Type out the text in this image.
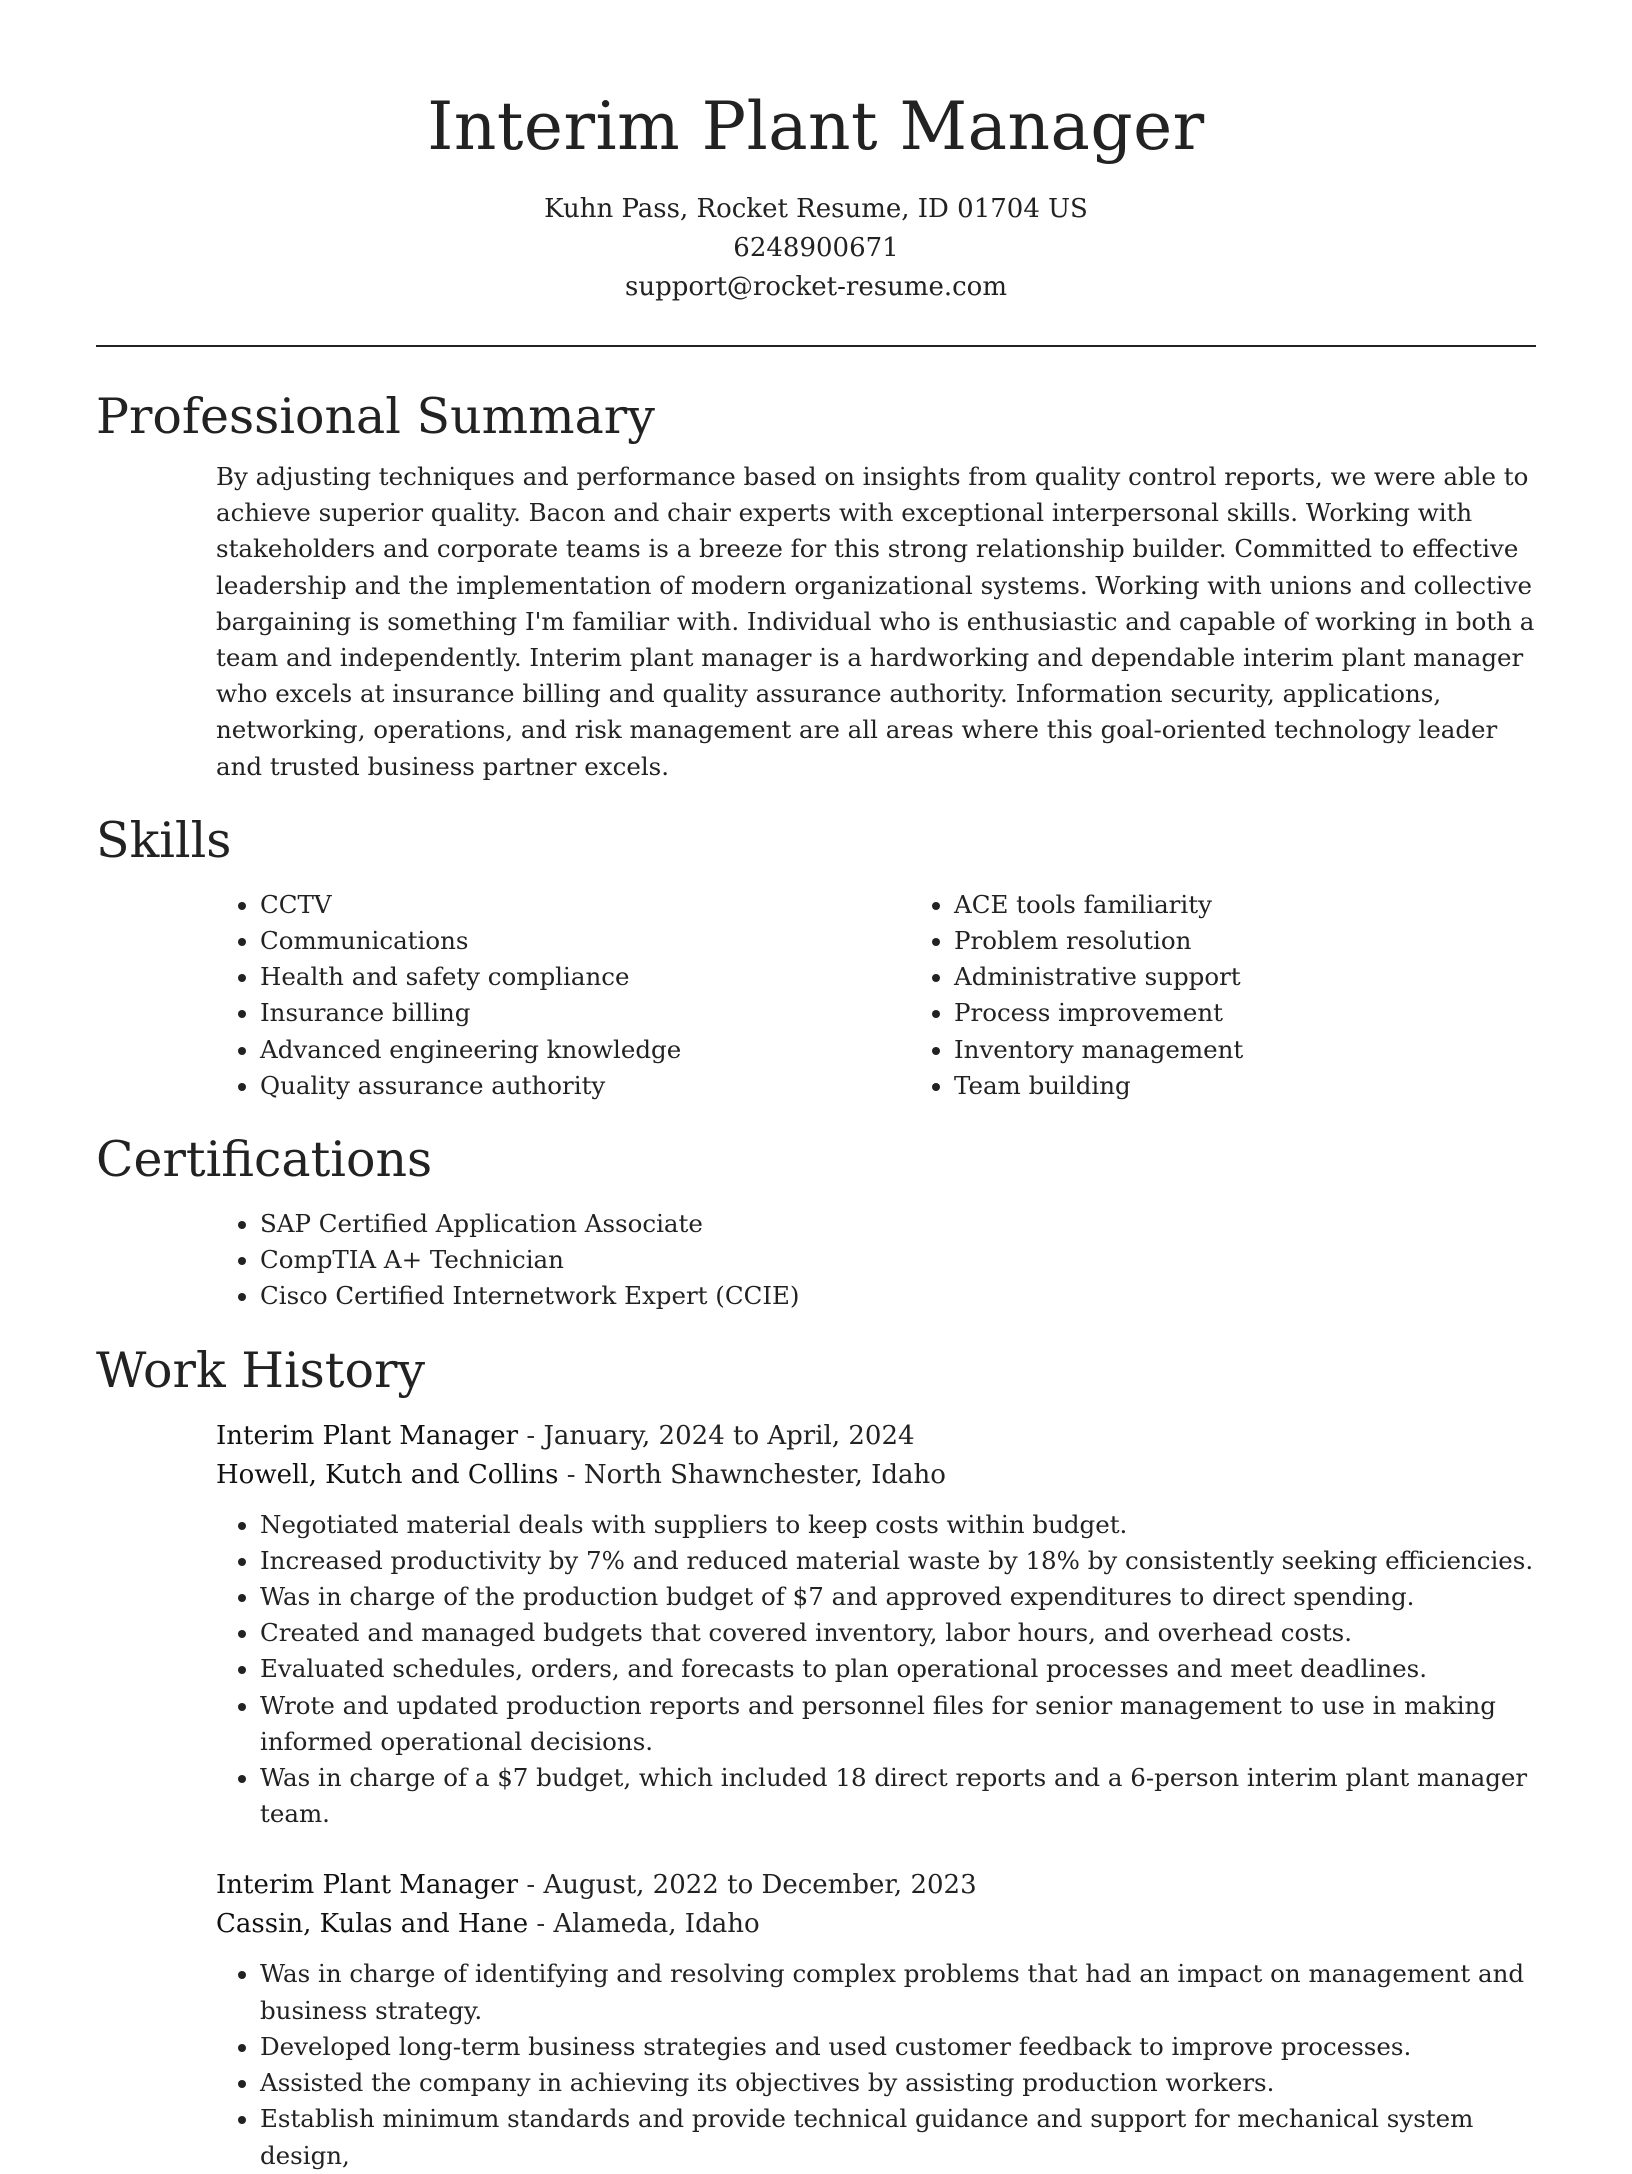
Interim Plant Manager
Kuhn Pass, Rocket Resume, ID 01704 US
6248900671
support@rocket-resume.com
Professional Summary

By adjusting techniques and performance based on insights from quality control reports, we were able to achieve superior quality. Bacon and chair experts with exceptional interpersonal skills. Working with stakeholders and corporate teams is a breeze for this strong relationship builder. Committed to effective leadership and the implementation of modern organizational systems. Working with unions and collective bargaining is something I'm familiar with. Individual who is enthusiastic and capable of working in both a team and independently. Interim plant manager is a hardworking and dependable interim plant manager who excels at insurance billing and quality assurance authority. Information security, applications, networking, operations, and risk management are all areas where this goal-oriented technology leader and trusted business partner excels.

Skills
• CCTV
• Communications
• Health and safety compliance
• Insurance billing
• Advanced engineering knowledge
• Quality assurance authority
• ACE tools familiarity
• Problem resolution
• Administrative support
• Process improvement
• Inventory management
• Team building
Certifications
• SAP Certified Application Associate
• CompTIA A+ Technician
• Cisco Certified Internetwork Expert (CCIE)
Work History
Interim Plant Manager - January, 2024 to April, 2024
Howell, Kutch and Collins - North Shawnchester, Idaho
• Negotiated material deals with suppliers to keep costs within budget.
• Increased productivity by 7% and reduced material waste by 18% by consistently seeking efficiencies.
• Was in charge of the production budget of $7 and approved expenditures to direct spending.
• Created and managed budgets that covered inventory, labor hours, and overhead costs.
• Evaluated schedules, orders, and forecasts to plan operational processes and meet deadlines.
• Wrote and updated production reports and personnel files for senior management to use in making informed operational decisions.
• Was in charge of a $7 budget, which included 18 direct reports and a 6-person interim plant manager team.
Interim Plant Manager - August, 2022 to December, 2023
Cassin, Kulas and Hane - Alameda, Idaho
• Was in charge of identifying and resolving complex problems that had an impact on management and business strategy.
• Developed long-term business strategies and used customer feedback to improve processes.
• Assisted the company in achieving its objectives by assisting production workers.
• Establish minimum standards and provide technical guidance and support for mechanical system design,
